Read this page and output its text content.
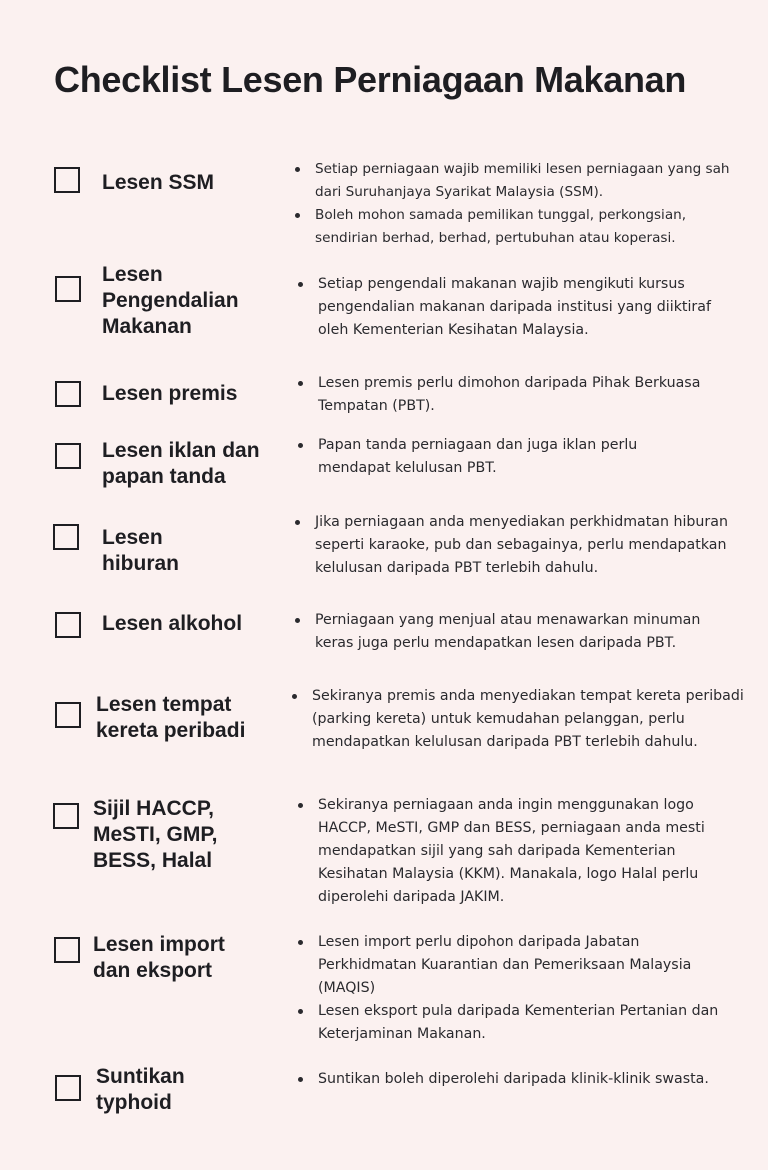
Checklist Lesen Perniagaan Makanan
Lesen SSM
Setiap perniagaan wajib memiliki lesen perniagaan yang sah dari Suruhanjaya Syarikat Malaysia (SSM).
Boleh mohon samada pemilikan tunggal, perkongsian, sendirian berhad, berhad, pertubuhan atau koperasi.
Lesen Pengendalian Makanan
Setiap pengendali makanan wajib mengikuti kursus pengendalian makanan daripada institusi yang diiktiraf oleh Kementerian Kesihatan Malaysia.
Lesen premis	Lesen premis perlu dimohon daripada Pihak Berkuasa Tempatan (PBT).
Lesen iklan dan papan tanda
Papan tanda perniagaan dan juga iklan perlu mendapat kelulusan PBT.
Lesen hiburan
Jika perniagaan anda menyediakan perkhidmatan hiburan seperti karaoke, pub dan sebagainya, perlu mendapatkan kelulusan daripada PBT terlebih dahulu.
Lesen alkohol	Perniagaan yang menjual atau menawarkan minuman keras juga perlu mendapatkan lesen daripada PBT.
Lesen tempat kereta peribadi
Sekiranya premis anda menyediakan tempat kereta peribadi (parking kereta) untuk kemudahan pelanggan, perlu mendapatkan kelulusan daripada PBT terlebih dahulu.
Sijil HACCP, MeSTI, GMP, BESS, Halal
Sekiranya perniagaan anda ingin menggunakan logo HACCP, MeSTI, GMP dan BESS, perniagaan anda mesti mendapatkan sijil yang sah daripada Kementerian Kesihatan Malaysia (KKM). Manakala, logo Halal perlu diperolehi daripada JAKIM.
Lesen import dan eksport
Lesen import perlu dipohon daripada Jabatan Perkhidmatan Kuarantian dan Pemeriksaan Malaysia (MAQIS)
Lesen eksport pula daripada Kementerian Pertanian dan Keterjaminan Makanan.
Suntikan typhoid
Suntikan boleh diperolehi daripada klinik-klinik swasta.
